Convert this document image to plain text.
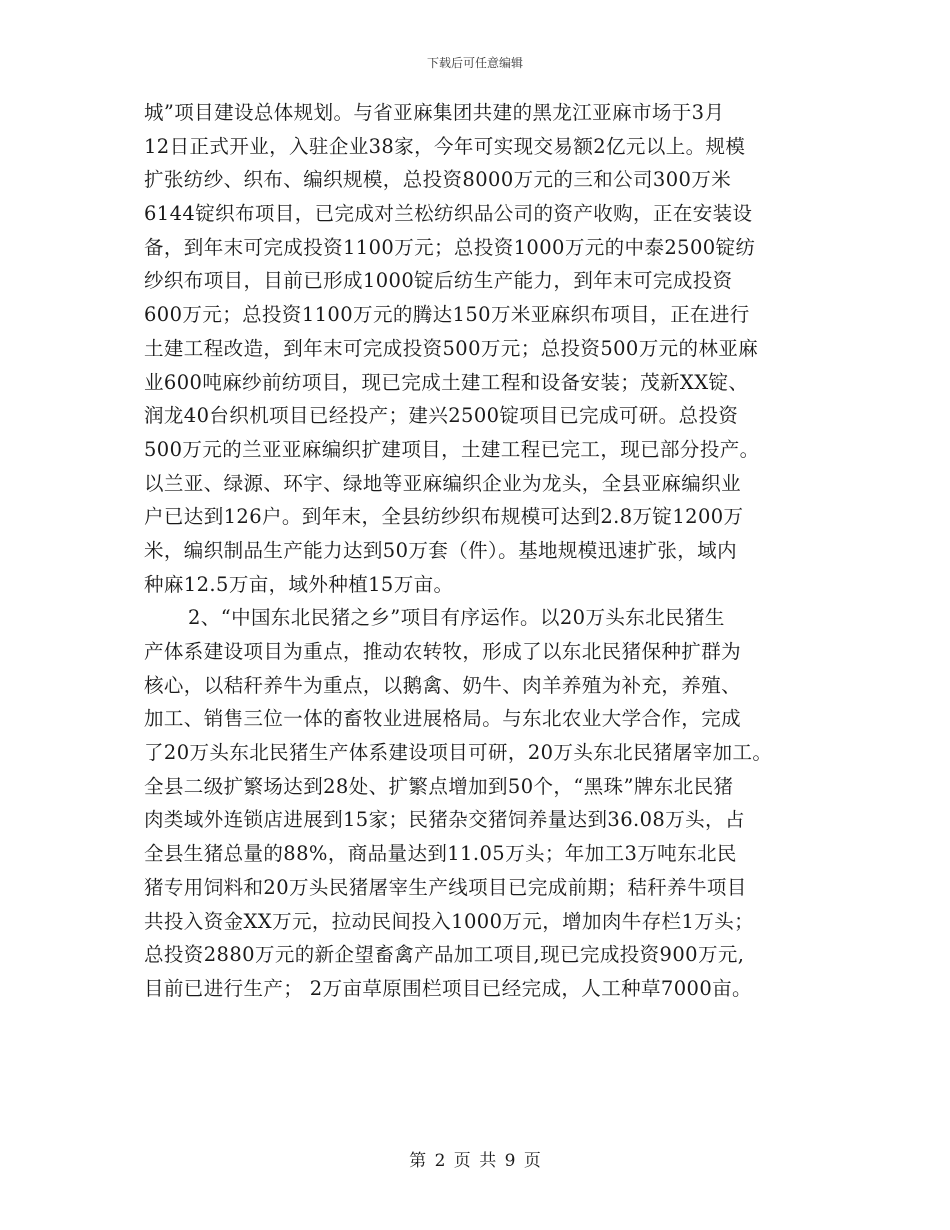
下载后可任意编辑
城”项目建设总体规划。与省亚麻集团共建的黑龙江亚麻市场于3月
12日正式开业，入驻企业38家，今年可实现交易额2亿元以上。规模
扩张纺纱、织布、编织规模，总投资8000万元的三和公司300万米
6144锭织布项目，已完成对兰松纺织品公司的资产收购，正在安装设
备，到年末可完成投资1100万元；总投资1000万元的中泰2500锭纺
纱织布项目，目前已形成1000锭后纺生产能力，到年末可完成投资
600万元；总投资1100万元的腾达150万米亚麻织布项目，正在进行
土建工程改造，到年末可完成投资500万元；总投资500万元的林亚麻
业600吨麻纱前纺项目，现已完成土建工程和设备安装；茂新XX锭、
润龙40台织机项目已经投产；建兴2500锭项目已完成可研。总投资
500万元的兰亚亚麻编织扩建项目，土建工程已完工，现已部分投产。
以兰亚、绿源、环宇、绿地等亚麻编织企业为龙头，全县亚麻编织业
户已达到126户。到年末，全县纺纱织布规模可达到2.8万锭1200万
米，编织制品生产能力达到50万套（件）。基地规模迅速扩张，域内
种麻12.5万亩，域外种植15万亩。
2、“中国东北民猪之乡”项目有序运作。以20万头东北民猪生
产体系建设项目为重点，推动农转牧，形成了以东北民猪保种扩群为
核心，以秸秆养牛为重点，以鹅禽、奶牛、肉羊养殖为补充，养殖、
加工、销售三位一体的畜牧业进展格局。与东北农业大学合作，完成
了20万头东北民猪生产体系建设项目可研，20万头东北民猪屠宰加工。
全县二级扩繁场达到28处、扩繁点增加到50个，“黑珠”牌东北民猪
肉类域外连锁店进展到15家；民猪杂交猪饲养量达到36.08万头，占
全县生猪总量的88%，商品量达到11.05万头；年加工3万吨东北民
猪专用饲料和20万头民猪屠宰生产线项目已完成前期；秸秆养牛项目
共投入资金XX万元，拉动民间投入1000万元，增加肉牛存栏1万头；
总投资2880万元的新企望畜禽产品加工项目,现已完成投资900万元,
目前已进行生产； 2万亩草原围栏项目已经完成，人工种草7000亩。
第 2 页 共 9 页
